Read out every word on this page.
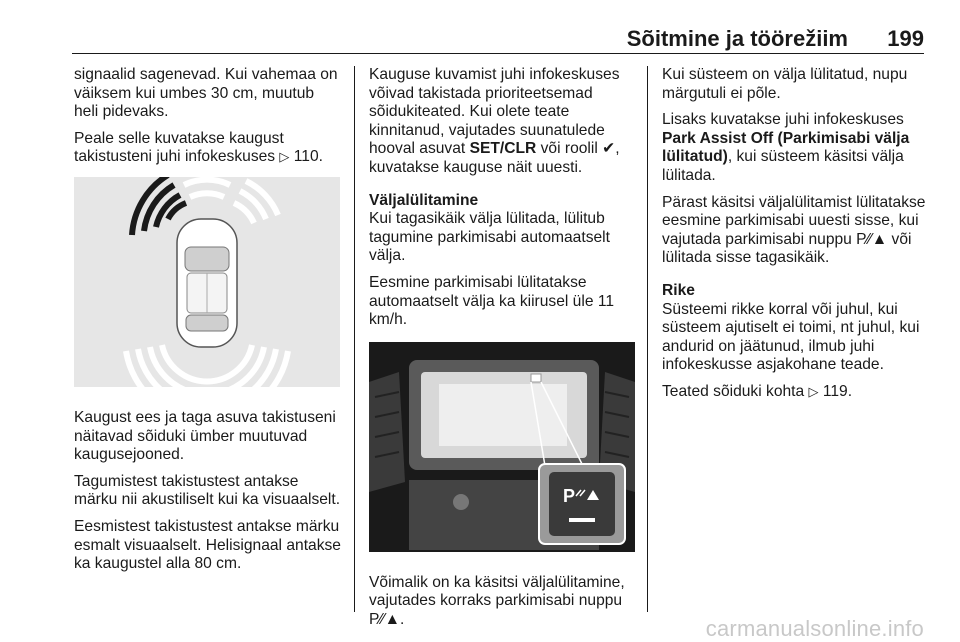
Sõitmine ja töörežiim 199

signaalid sagenevad. Kui vahemaa on väiksem kui umbes 30 cm, muutub heli pidevaks.

Peale selle kuvatakse kaugust takistusteni juhi infokeskuses ▷ 110.

Kaugust ees ja taga asuva takistuseni näitavad sõiduki ümber muutuvad kaugusejooned.

Tagumistest takistustest antakse märku nii akustiliselt kui ka visuaalselt.

Eesmistest takistustest antakse märku esmalt visuaalselt. Helisignaal antakse ka kaugustel alla 80 cm.

Kauguse kuvamist juhi infokeskuses võivad takistada prioriteetsemad sõidukiteated. Kui olete teate kinnitanud, vajutades suunatulede hooval asuvat SET/CLR või roolil ✔, kuvatakse kauguse näit uuesti.

Väljalülitamine
Kui tagasikäik välja lülitada, lülitub tagumine parkimisabi automaatselt välja.

Eesmine parkimisabi lülitatakse automaatselt välja ka kiirusel üle 11 km/h.

P

Võimalik on ka käsitsi väljalülitamine, vajutades korraks parkimisabi nuppu P⁄⁄▲.

Kui süsteem on välja lülitatud, nupu märgutuli ei põle.

Lisaks kuvatakse juhi infokeskuses Park Assist Off (Parkimisabi välja lülitatud), kui süsteem käsitsi välja lülitada.

Pärast käsitsi väljalülitamist lülitatakse eesmine parkimisabi uuesti sisse, kui vajutada parkimisabi nuppu P⁄⁄▲ või lülitada sisse tagasikäik.

Rike
Süsteemi rikke korral või juhul, kui süsteem ajutiselt ei toimi, nt juhul, kui andurid on jäätunud, ilmub juhi infokeskusse asjakohane teade.

Teated sõiduki kohta ▷ 119.

carmanualsonline.info
